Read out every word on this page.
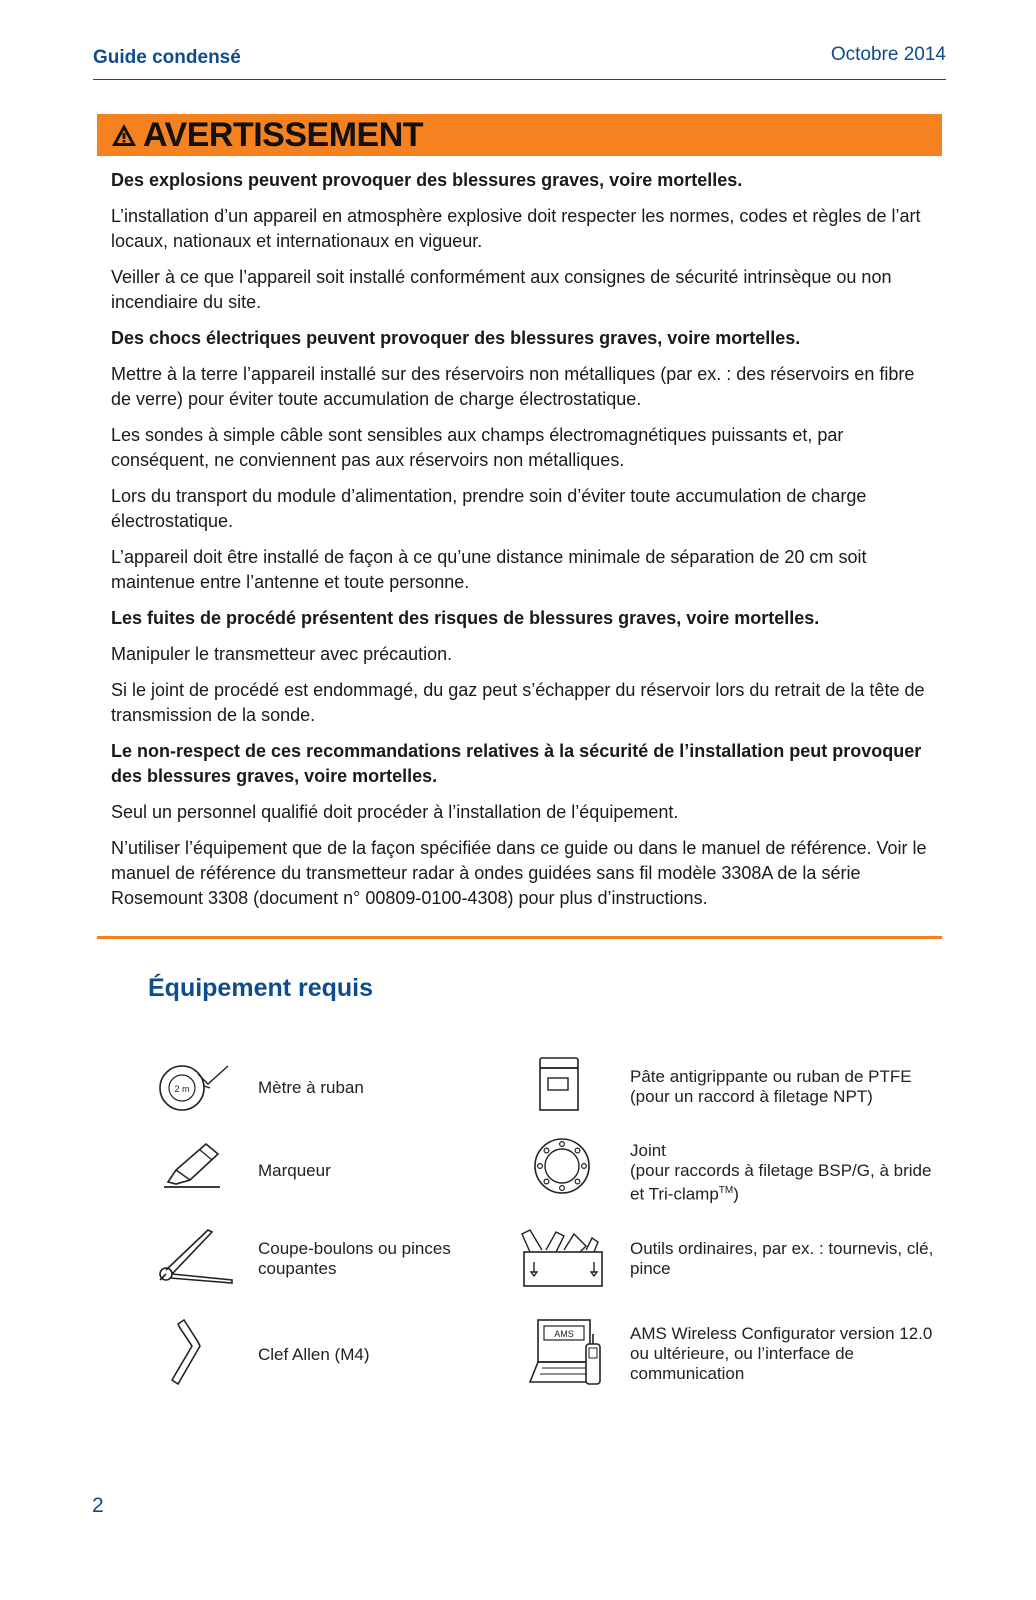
Guide condensé	Octobre 2014
AVERTISSEMENT

Des explosions peuvent provoquer des blessures graves, voire mortelles.

L’installation d’un appareil en atmosphère explosive doit respecter les normes, codes et règles de l’art locaux, nationaux et internationaux en vigueur.

Veiller à ce que l’appareil soit installé conformément aux consignes de sécurité intrinsèque ou non incendiaire du site.

Des chocs électriques peuvent provoquer des blessures graves, voire mortelles.

Mettre à la terre l’appareil installé sur des réservoirs non métalliques (par ex. : des réservoirs en fibre de verre) pour éviter toute accumulation de charge électrostatique.

Les sondes à simple câble sont sensibles aux champs électromagnétiques puissants et, par conséquent, ne conviennent pas aux réservoirs non métalliques.

Lors du transport du module d’alimentation, prendre soin d’éviter toute accumulation de charge électrostatique.

L’appareil doit être installé de façon à ce qu’une distance minimale de séparation de 20 cm soit maintenue entre l’antenne et toute personne.

Les fuites de procédé présentent des risques de blessures graves, voire mortelles.

Manipuler le transmetteur avec précaution.

Si le joint de procédé est endommagé, du gaz peut s’échapper du réservoir lors du retrait de la tête de transmission de la sonde.

Le non-respect de ces recommandations relatives à la sécurité de l’installation peut provoquer des blessures graves, voire mortelles.

Seul un personnel qualifié doit procéder à l’installation de l’équipement.

N’utiliser l’équipement que de la façon spécifiée dans ce guide ou dans le manuel de référence. Voir le manuel de référence du transmetteur radar à ondes guidées sans fil modèle 3308A de la série Rosemount 3308 (document n° 00809-0100-4308) pour plus d’instructions.

Équipement requis
2 m
AMS
Mètre à ruban
Marqueur
Coupe-boulons ou pinces
coupantes
Clef Allen (M4)
Pâte antigrippante ou ruban de PTFE
(pour un raccord à filetage NPT)
Joint
(pour raccords à filetage BSP/G, à bride
et Tri-clamp™)
Outils ordinaires, par ex. : tournevis, clé,
pince
AMS Wireless Configurator version 12.0
ou ultérieure, ou l’interface de
communication
2
